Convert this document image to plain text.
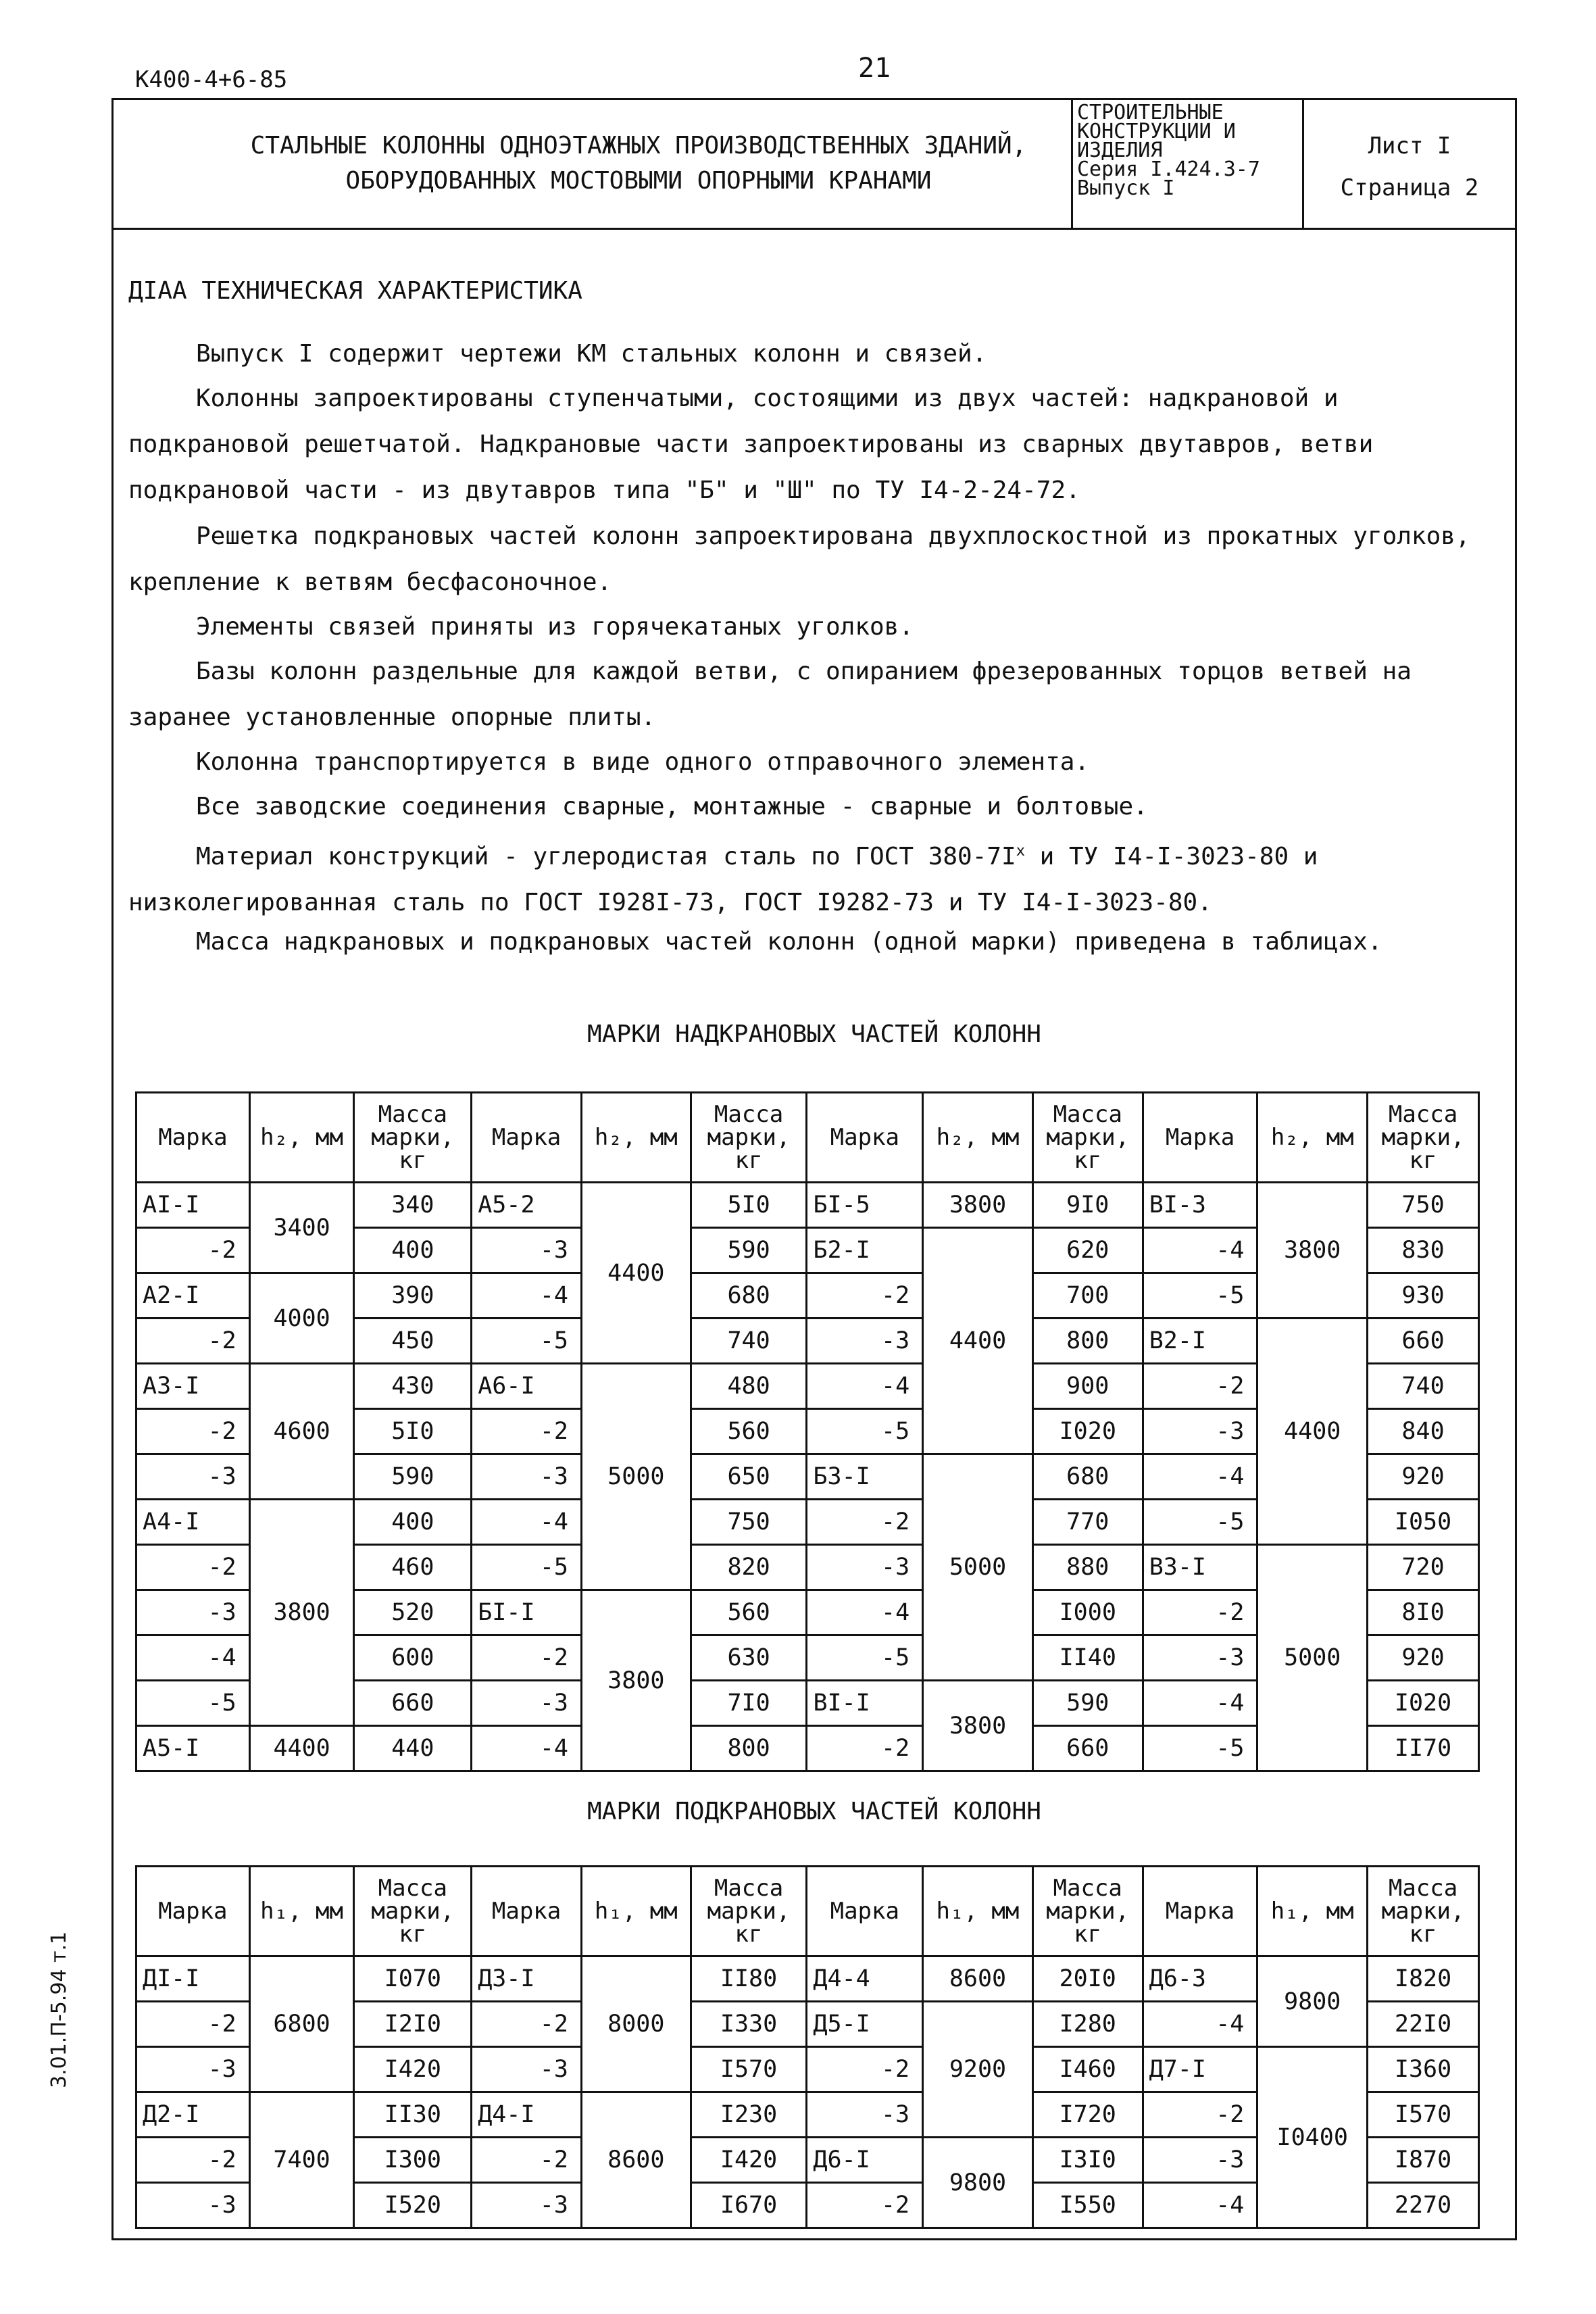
К400-4+6-85	21
СТАЛЬНЫЕ КОЛОННЫ ОДНОЭТАЖНЫХ ПРОИЗВОДСТВЕННЫХ ЗДАНИЙ,
ОБОРУДОВАННЫХ МОСТОВЫМИ ОПОРНЫМИ КРАНАМИ
СТРОИТЕЛЬНЫЕ
КОНСТРУКЦИИ И
ИЗДЕЛИЯ
Серия I.424.3-7
Выпуск I
Лист I
Страница 2
ДIАА ТЕХНИЧЕСКАЯ ХАРАКТЕРИСТИКА
Выпуск I содержит чертежи КМ стальных колонн и связей.
Колонны запроектированы ступенчатыми, состоящими из двух частей: надкрановой и подкрановой решетчатой. Надкрановые части запроектированы из сварных двутавров, ветви подкрановой части - из двутавров типа "Б" и "Ш" по ТУ I4-2-24-72.
Решетка подкрановых частей колонн запроектирована двухплоскостной из прокатных уголков, крепление к ветвям бесфасоночное.
Элементы связей приняты из горячекатаных уголков.
Базы колонн раздельные для каждой ветви, с опиранием фрезерованных торцов ветвей на заранее установленные опорные плиты.
Колонна транспортируется в виде одного отправочного элемента.
Все заводские соединения сварные, монтажные - сварные и болтовые.
Материал конструкций - углеродистая сталь по ГОСТ $380-7I^х$ и ТУ I4-I-3023-80 и низколегированная сталь по ГОСТ I928I-73, ГОСТ I9282-73 и ТУ I4-I-3023-80.
Масса надкрановых и подкрановых частей колонн (одной марки) приведена в таблицах.
МАРКИ НАДКРАНОВЫХ ЧАСТЕЙ КОЛОНН
Марка	h₂, мм	Масса марки, кг	Марка	h₂, мм	Масса марки, кг	Марка	h₂, мм	Масса марки, кг	Марка	h₂, мм	Масса марки, кг
АI-I	3400	340	А5-2	4400	5I0	БI-5	3800	9I0	ВI-3	3800	750
-2		400	-3		590	Б2-I	4400	620	-4		830
А2-I	4000	390	-4		680	-2		700	-5		930
-2		450	-5		740	-3		800	В2-I	4400	660
А3-I	4600	430	А6-I	5000	480	-4		900	-2		740
-2		5I0	-2		560	-5		I020	-3		840
-3		590	-3		650	Б3-I	5000	680	-4		920
А4-I	3800	400	-4		750	-2		770	-5		I050
-2		460	-5		820	-3		880	В3-I	5000	720
-3		520	БI-I	3800	560	-4		I000	-2		8I0
-4		600	-2		630	-5		II40	-3		920
-5		660	-3		7I0	ВI-I	3800	590	-4		I020
А5-I	4400	440	-4		800	-2		660	-5		II70
МАРКИ ПОДКРАНОВЫХ ЧАСТЕЙ КОЛОНН
Марка	h₁, мм	Масса марки, кг	Марка	h₁, мм	Масса марки, кг	Марка	h₁, мм	Масса марки, кг	Марка	h₁, мм	Масса марки, кг
ДI-I	6800	I070	Д3-I	8000	II80	Д4-4	8600	20I0	Д6-3	9800	I820
-2		I2I0	-2		I330	Д5-I	9200	I280	-4		22I0
-3		I420	-3		I570	-2		I460	Д7-I	I0400	I360
Д2-I	7400	II30	Д4-I	8600	I230	-3		I720	-2		I570
-2		I300	-2		I420	Д6-I	9800	I3I0	-3		I870
-3		I520	-3		I670	-2		I550	-4		2270
3.01.П-5.94 т.1
